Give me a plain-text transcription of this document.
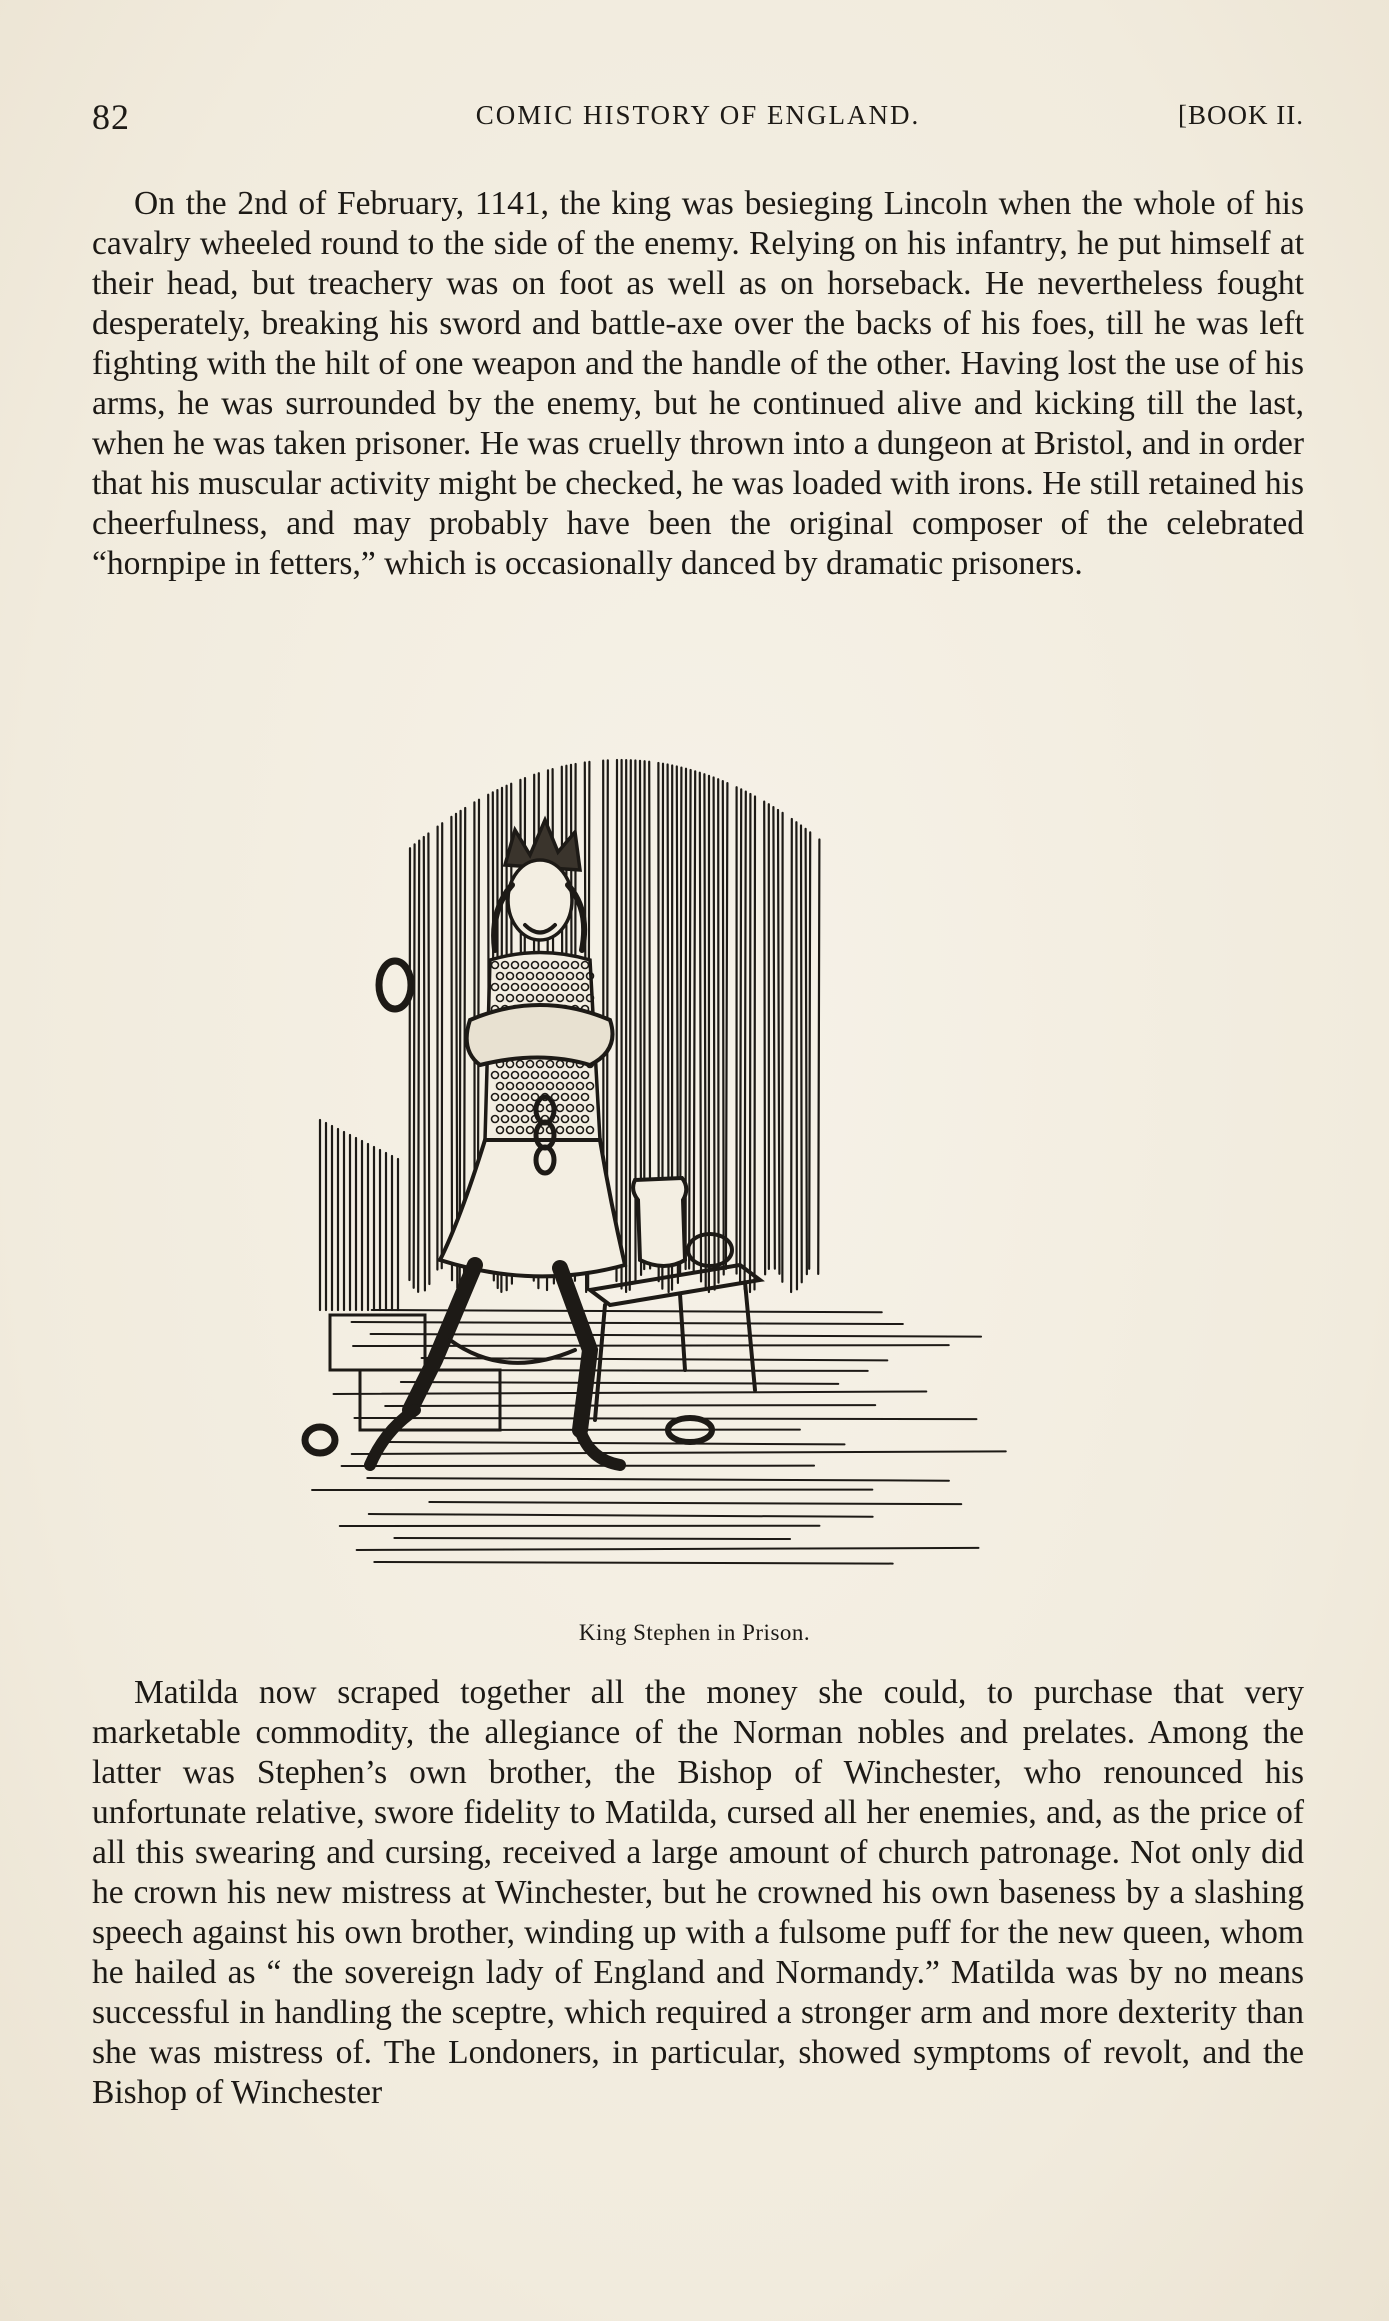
82	COMIC HISTORY OF ENGLAND.	[BOOK II.

On the 2nd of February, 1141, the king was besieging Lincoln when the whole of his cavalry wheeled round to the side of the enemy. Relying on his infantry, he put himself at their head, but treachery was on foot as well as on horseback. He nevertheless fought desperately, breaking his sword and battle-axe over the backs of his foes, till he was left fighting with the hilt of one weapon and the handle of the other. Having lost the use of his arms, he was surrounded by the enemy, but he continued alive and kicking till the last, when he was taken prisoner. He was cruelly thrown into a dungeon at Bristol, and in order that his muscular activity might be checked, he was loaded with irons. He still retained his cheerfulness, and may probably have been the original composer of the celebrated “hornpipe in fetters,” which is occasionally danced by dramatic prisoners.

King Stephen in Prison.

Matilda now scraped together all the money she could, to purchase that very marketable commodity, the allegiance of the Norman nobles and prelates. Among the latter was Stephen’s own brother, the Bishop of Winchester, who renounced his unfortunate relative, swore fidelity to Matilda, cursed all her enemies, and, as the price of all this swearing and cursing, received a large amount of church patronage. Not only did he crown his new mistress at Winchester, but he crowned his own baseness by a slashing speech against his own brother, winding up with a fulsome puff for the new queen, whom he hailed as “ the sovereign lady of England and Normandy.” Matilda was by no means successful in handling the sceptre, which required a stronger arm and more dexterity than she was mistress of. The Londoners, in particular, showed symptoms of revolt, and the Bishop of Winchester
